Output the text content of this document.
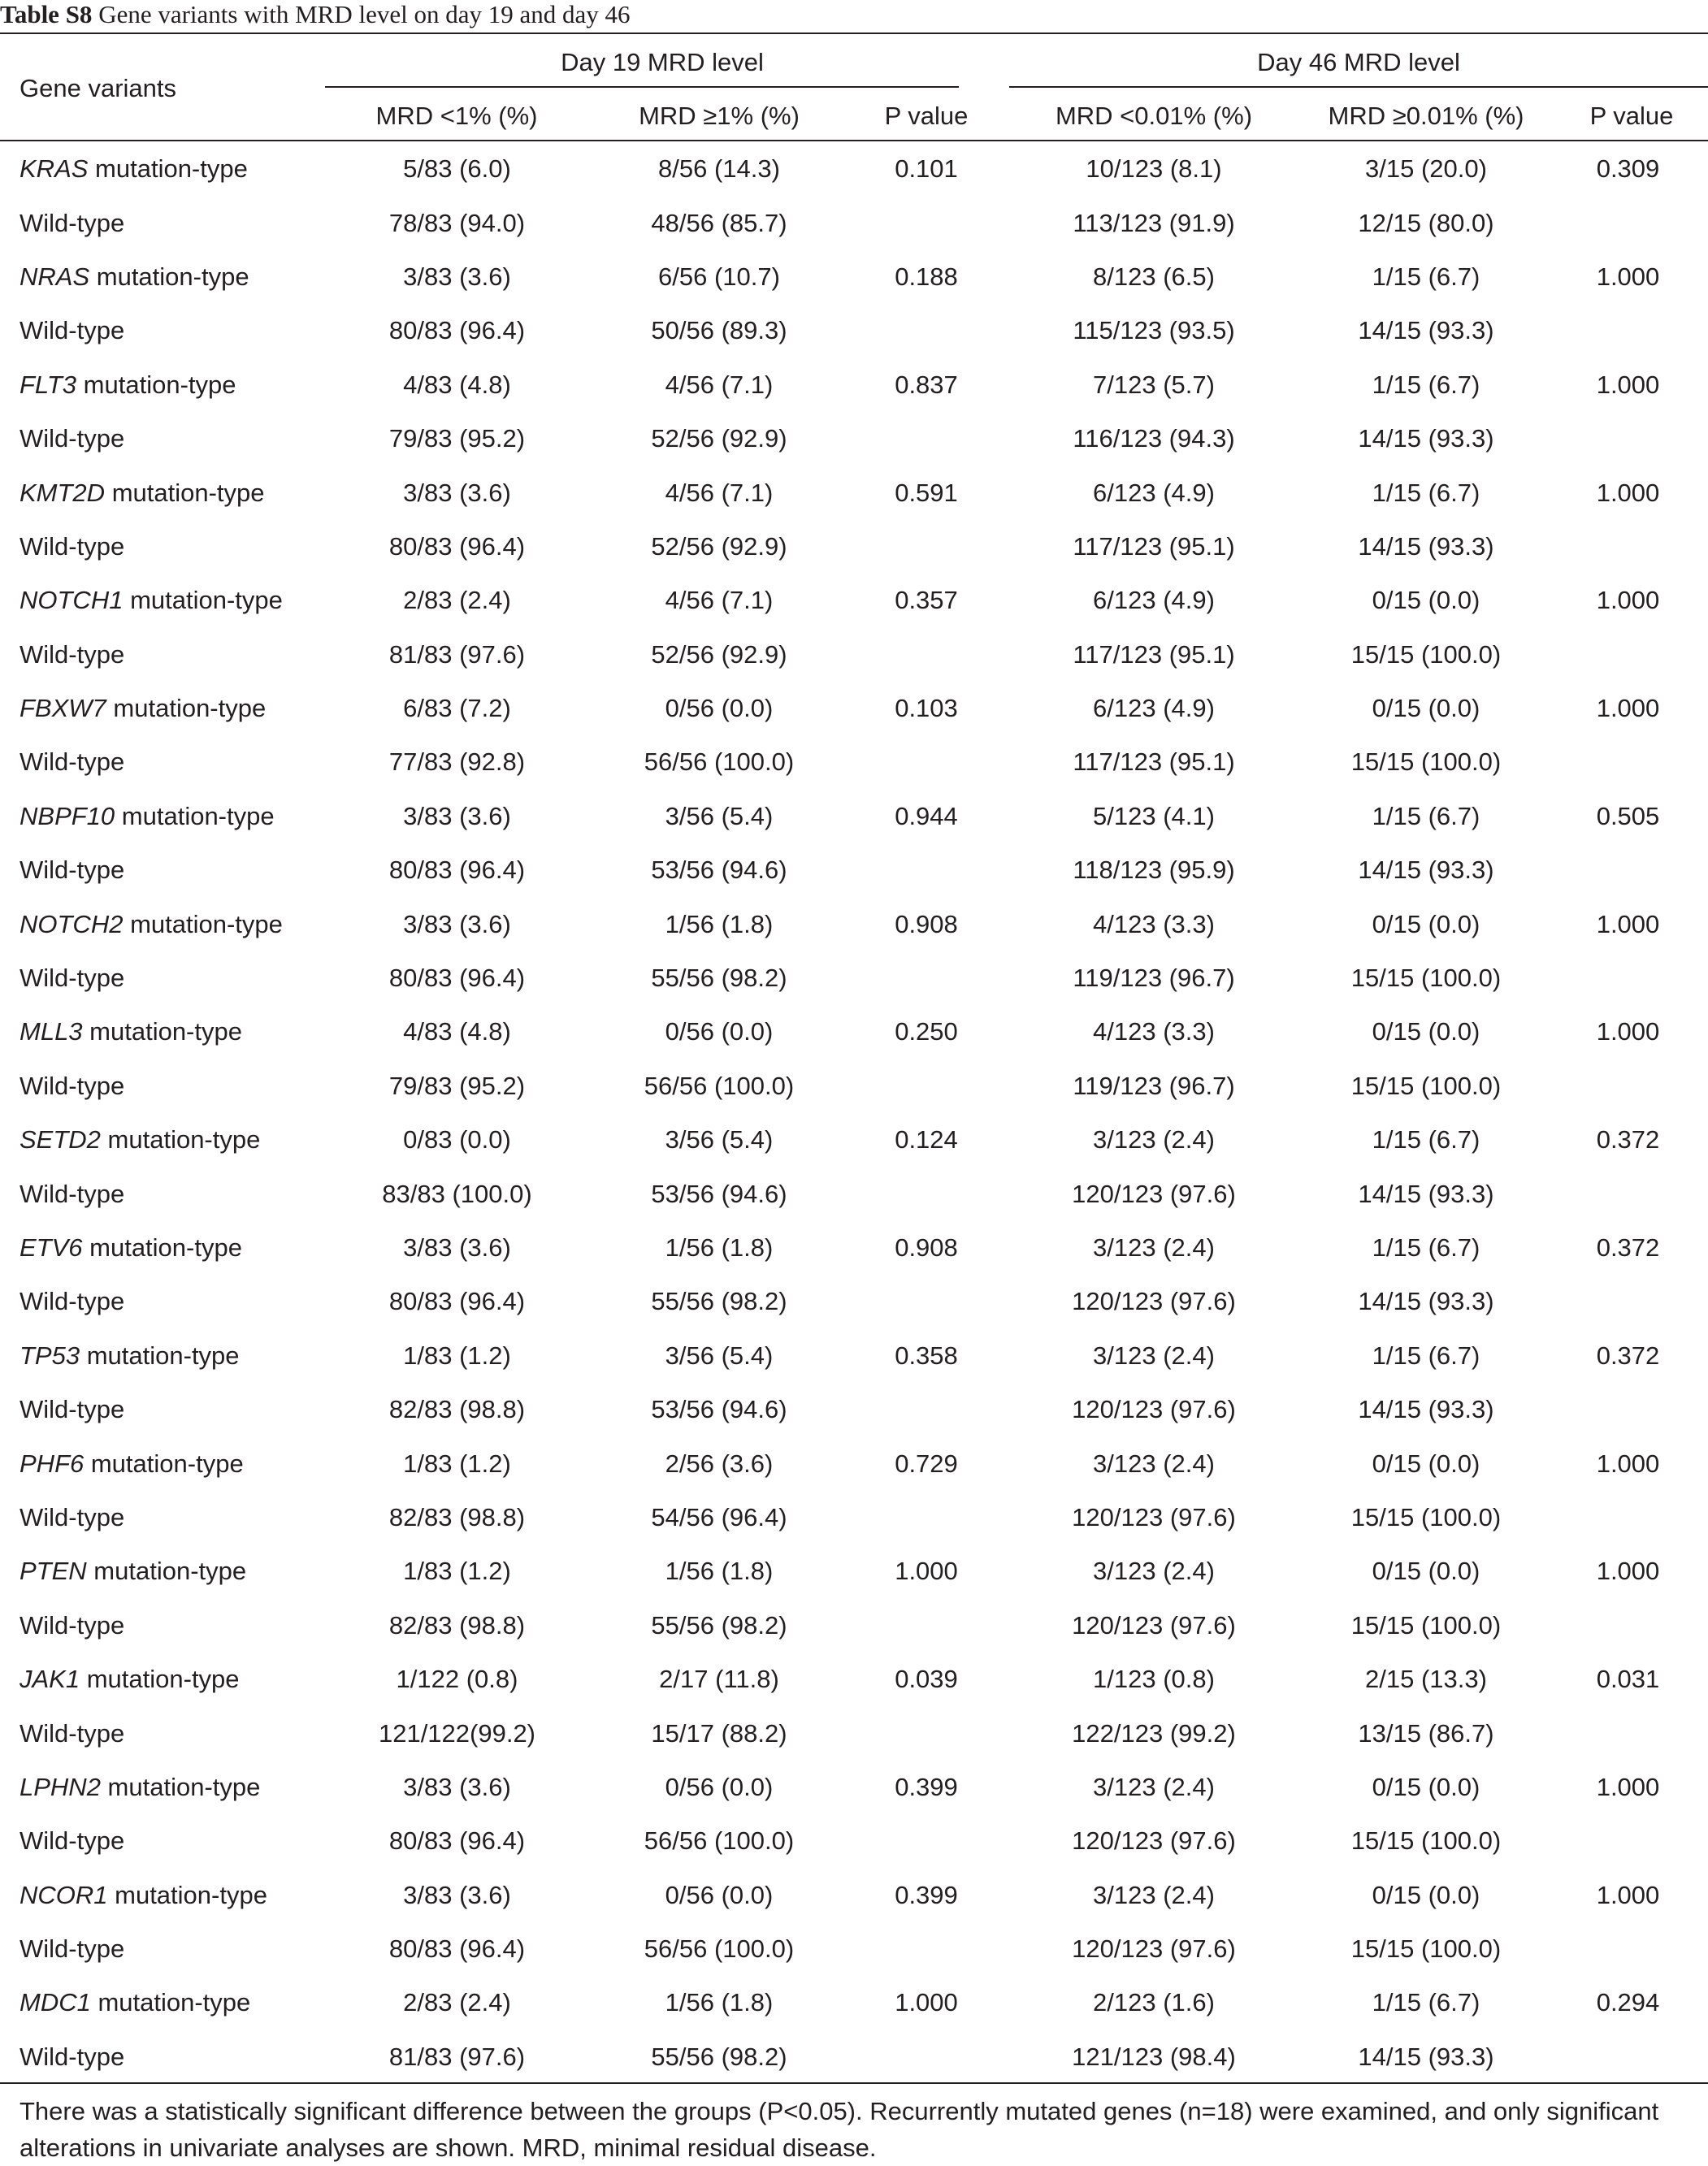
Table S8 Gene variants with MRD level on day 19 and day 46
Gene variants
Day 19 MRD level	Day 46 MRD level
MRD <1% (%)	MRD ≥1% (%)	P value	MRD <0.01% (%)	MRD ≥0.01% (%)	P value
KRAS mutation-type	5/83 (6.0)	8/56 (14.3)	0.101	10/123 (8.1)	3/15 (20.0)	0.309
Wild-type	78/83 (94.0)	48/56 (85.7)		113/123 (91.9)	12/15 (80.0)	
NRAS mutation-type	3/83 (3.6)	6/56 (10.7)	0.188	8/123 (6.5)	1/15 (6.7)	1.000
Wild-type	80/83 (96.4)	50/56 (89.3)		115/123 (93.5)	14/15 (93.3)	
FLT3 mutation-type	4/83 (4.8)	4/56 (7.1)	0.837	7/123 (5.7)	1/15 (6.7)	1.000
Wild-type	79/83 (95.2)	52/56 (92.9)		116/123 (94.3)	14/15 (93.3)	
KMT2D mutation-type	3/83 (3.6)	4/56 (7.1)	0.591	6/123 (4.9)	1/15 (6.7)	1.000
Wild-type	80/83 (96.4)	52/56 (92.9)		117/123 (95.1)	14/15 (93.3)	
NOTCH1 mutation-type	2/83 (2.4)	4/56 (7.1)	0.357	6/123 (4.9)	0/15 (0.0)	1.000
Wild-type	81/83 (97.6)	52/56 (92.9)		117/123 (95.1)	15/15 (100.0)	
FBXW7 mutation-type	6/83 (7.2)	0/56 (0.0)	0.103	6/123 (4.9)	0/15 (0.0)	1.000
Wild-type	77/83 (92.8)	56/56 (100.0)		117/123 (95.1)	15/15 (100.0)	
NBPF10 mutation-type	3/83 (3.6)	3/56 (5.4)	0.944	5/123 (4.1)	1/15 (6.7)	0.505
Wild-type	80/83 (96.4)	53/56 (94.6)		118/123 (95.9)	14/15 (93.3)	
NOTCH2 mutation-type	3/83 (3.6)	1/56 (1.8)	0.908	4/123 (3.3)	0/15 (0.0)	1.000
Wild-type	80/83 (96.4)	55/56 (98.2)		119/123 (96.7)	15/15 (100.0)	
MLL3 mutation-type	4/83 (4.8)	0/56 (0.0)	0.250	4/123 (3.3)	0/15 (0.0)	1.000
Wild-type	79/83 (95.2)	56/56 (100.0)		119/123 (96.7)	15/15 (100.0)	
SETD2 mutation-type	0/83 (0.0)	3/56 (5.4)	0.124	3/123 (2.4)	1/15 (6.7)	0.372
Wild-type	83/83 (100.0)	53/56 (94.6)		120/123 (97.6)	14/15 (93.3)	
ETV6 mutation-type	3/83 (3.6)	1/56 (1.8)	0.908	3/123 (2.4)	1/15 (6.7)	0.372
Wild-type	80/83 (96.4)	55/56 (98.2)		120/123 (97.6)	14/15 (93.3)	
TP53 mutation-type	1/83 (1.2)	3/56 (5.4)	0.358	3/123 (2.4)	1/15 (6.7)	0.372
Wild-type	82/83 (98.8)	53/56 (94.6)		120/123 (97.6)	14/15 (93.3)	
PHF6 mutation-type	1/83 (1.2)	2/56 (3.6)	0.729	3/123 (2.4)	0/15 (0.0)	1.000
Wild-type	82/83 (98.8)	54/56 (96.4)		120/123 (97.6)	15/15 (100.0)	
PTEN mutation-type	1/83 (1.2)	1/56 (1.8)	1.000	3/123 (2.4)	0/15 (0.0)	1.000
Wild-type	82/83 (98.8)	55/56 (98.2)		120/123 (97.6)	15/15 (100.0)	
JAK1 mutation-type	1/122 (0.8)	2/17 (11.8)	0.039	1/123 (0.8)	2/15 (13.3)	0.031
Wild-type	121/122(99.2)	15/17 (88.2)		122/123 (99.2)	13/15 (86.7)	
LPHN2 mutation-type	3/83 (3.6)	0/56 (0.0)	0.399	3/123 (2.4)	0/15 (0.0)	1.000
Wild-type	80/83 (96.4)	56/56 (100.0)		120/123 (97.6)	15/15 (100.0)	
NCOR1 mutation-type	3/83 (3.6)	0/56 (0.0)	0.399	3/123 (2.4)	0/15 (0.0)	1.000
Wild-type	80/83 (96.4)	56/56 (100.0)		120/123 (97.6)	15/15 (100.0)	
MDC1 mutation-type	2/83 (2.4)	1/56 (1.8)	1.000	2/123 (1.6)	1/15 (6.7)	0.294
Wild-type	81/83 (97.6)	55/56 (98.2)		121/123 (98.4)	14/15 (93.3)	
There was a statistically significant difference between the groups (P<0.05). Recurrently mutated genes (n=18) were examined, and only significant alterations in univariate analyses are shown. MRD, minimal residual disease.
